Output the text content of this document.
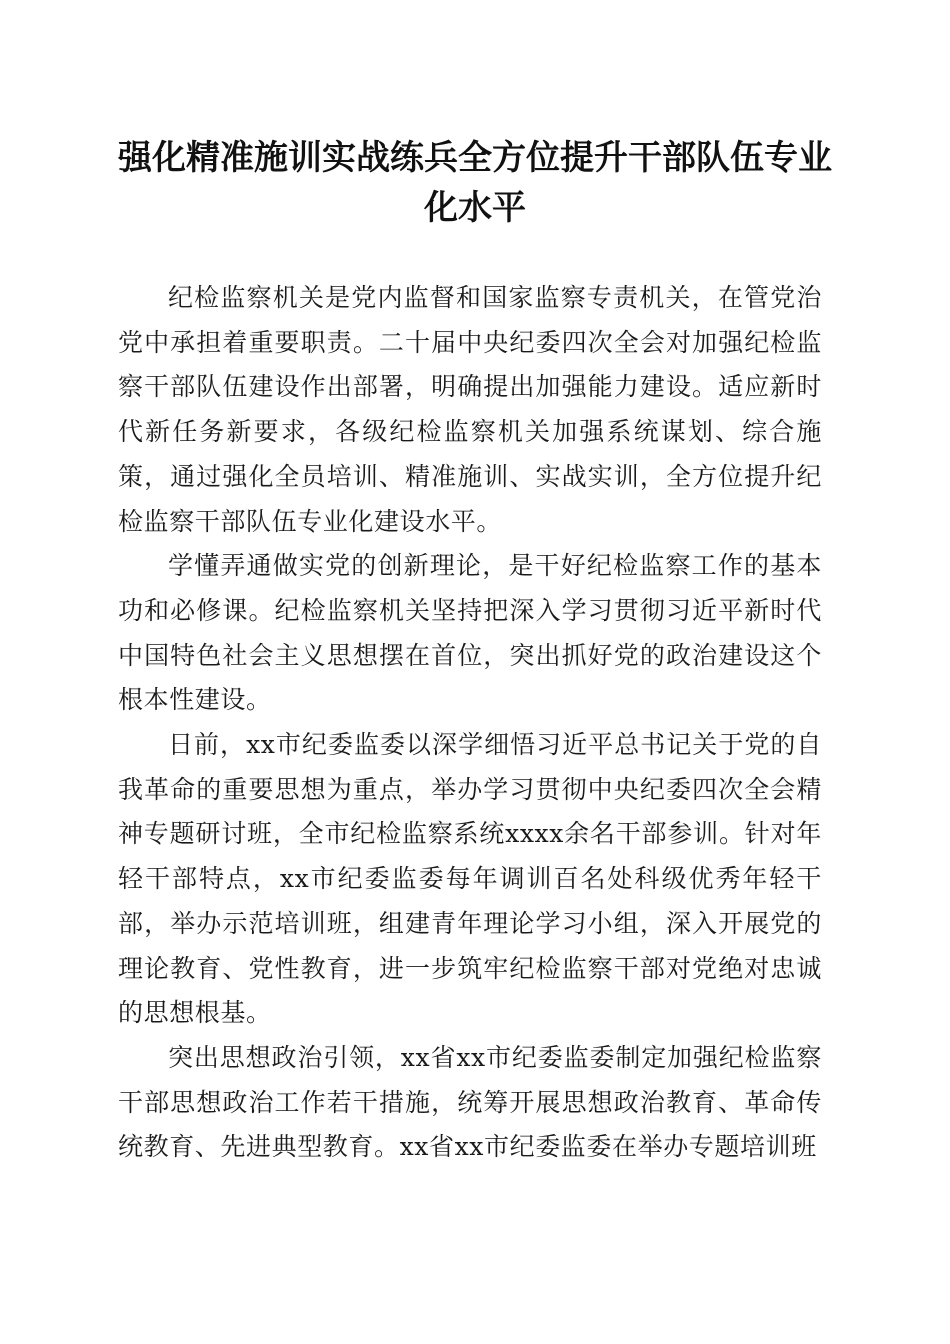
强化精准施训实战练兵全方位提升干部队伍专业化水平

纪检监察机关是党内监督和国家监察专责机关，在管党治党中承担着重要职责。二十届中央纪委四次全会对加强纪检监察干部队伍建设作出部署，明确提出加强能力建设。适应新时代新任务新要求，各级纪检监察机关加强系统谋划、综合施策，通过强化全员培训、精准施训、实战实训，全方位提升纪检监察干部队伍专业化建设水平。

学懂弄通做实党的创新理论，是干好纪检监察工作的基本功和必修课。纪检监察机关坚持把深入学习贯彻习近平新时代中国特色社会主义思想摆在首位，突出抓好党的政治建设这个根本性建设。

日前，xx市纪委监委以深学细悟习近平总书记关于党的自我革命的重要思想为重点，举办学习贯彻中央纪委四次全会精神专题研讨班，全市纪检监察系统xxxx余名干部参训。针对年轻干部特点，xx市纪委监委每年调训百名处科级优秀年轻干部，举办示范培训班，组建青年理论学习小组，深入开展党的理论教育、党性教育，进一步筑牢纪检监察干部对党绝对忠诚的思想根基。

突出思想政治引领，xx省xx市纪委监委制定加强纪检监察干部思想政治工作若干措施，统筹开展思想政治教育、革命传统教育、先进典型教育。xx省xx市纪委监委在举办专题培训班
